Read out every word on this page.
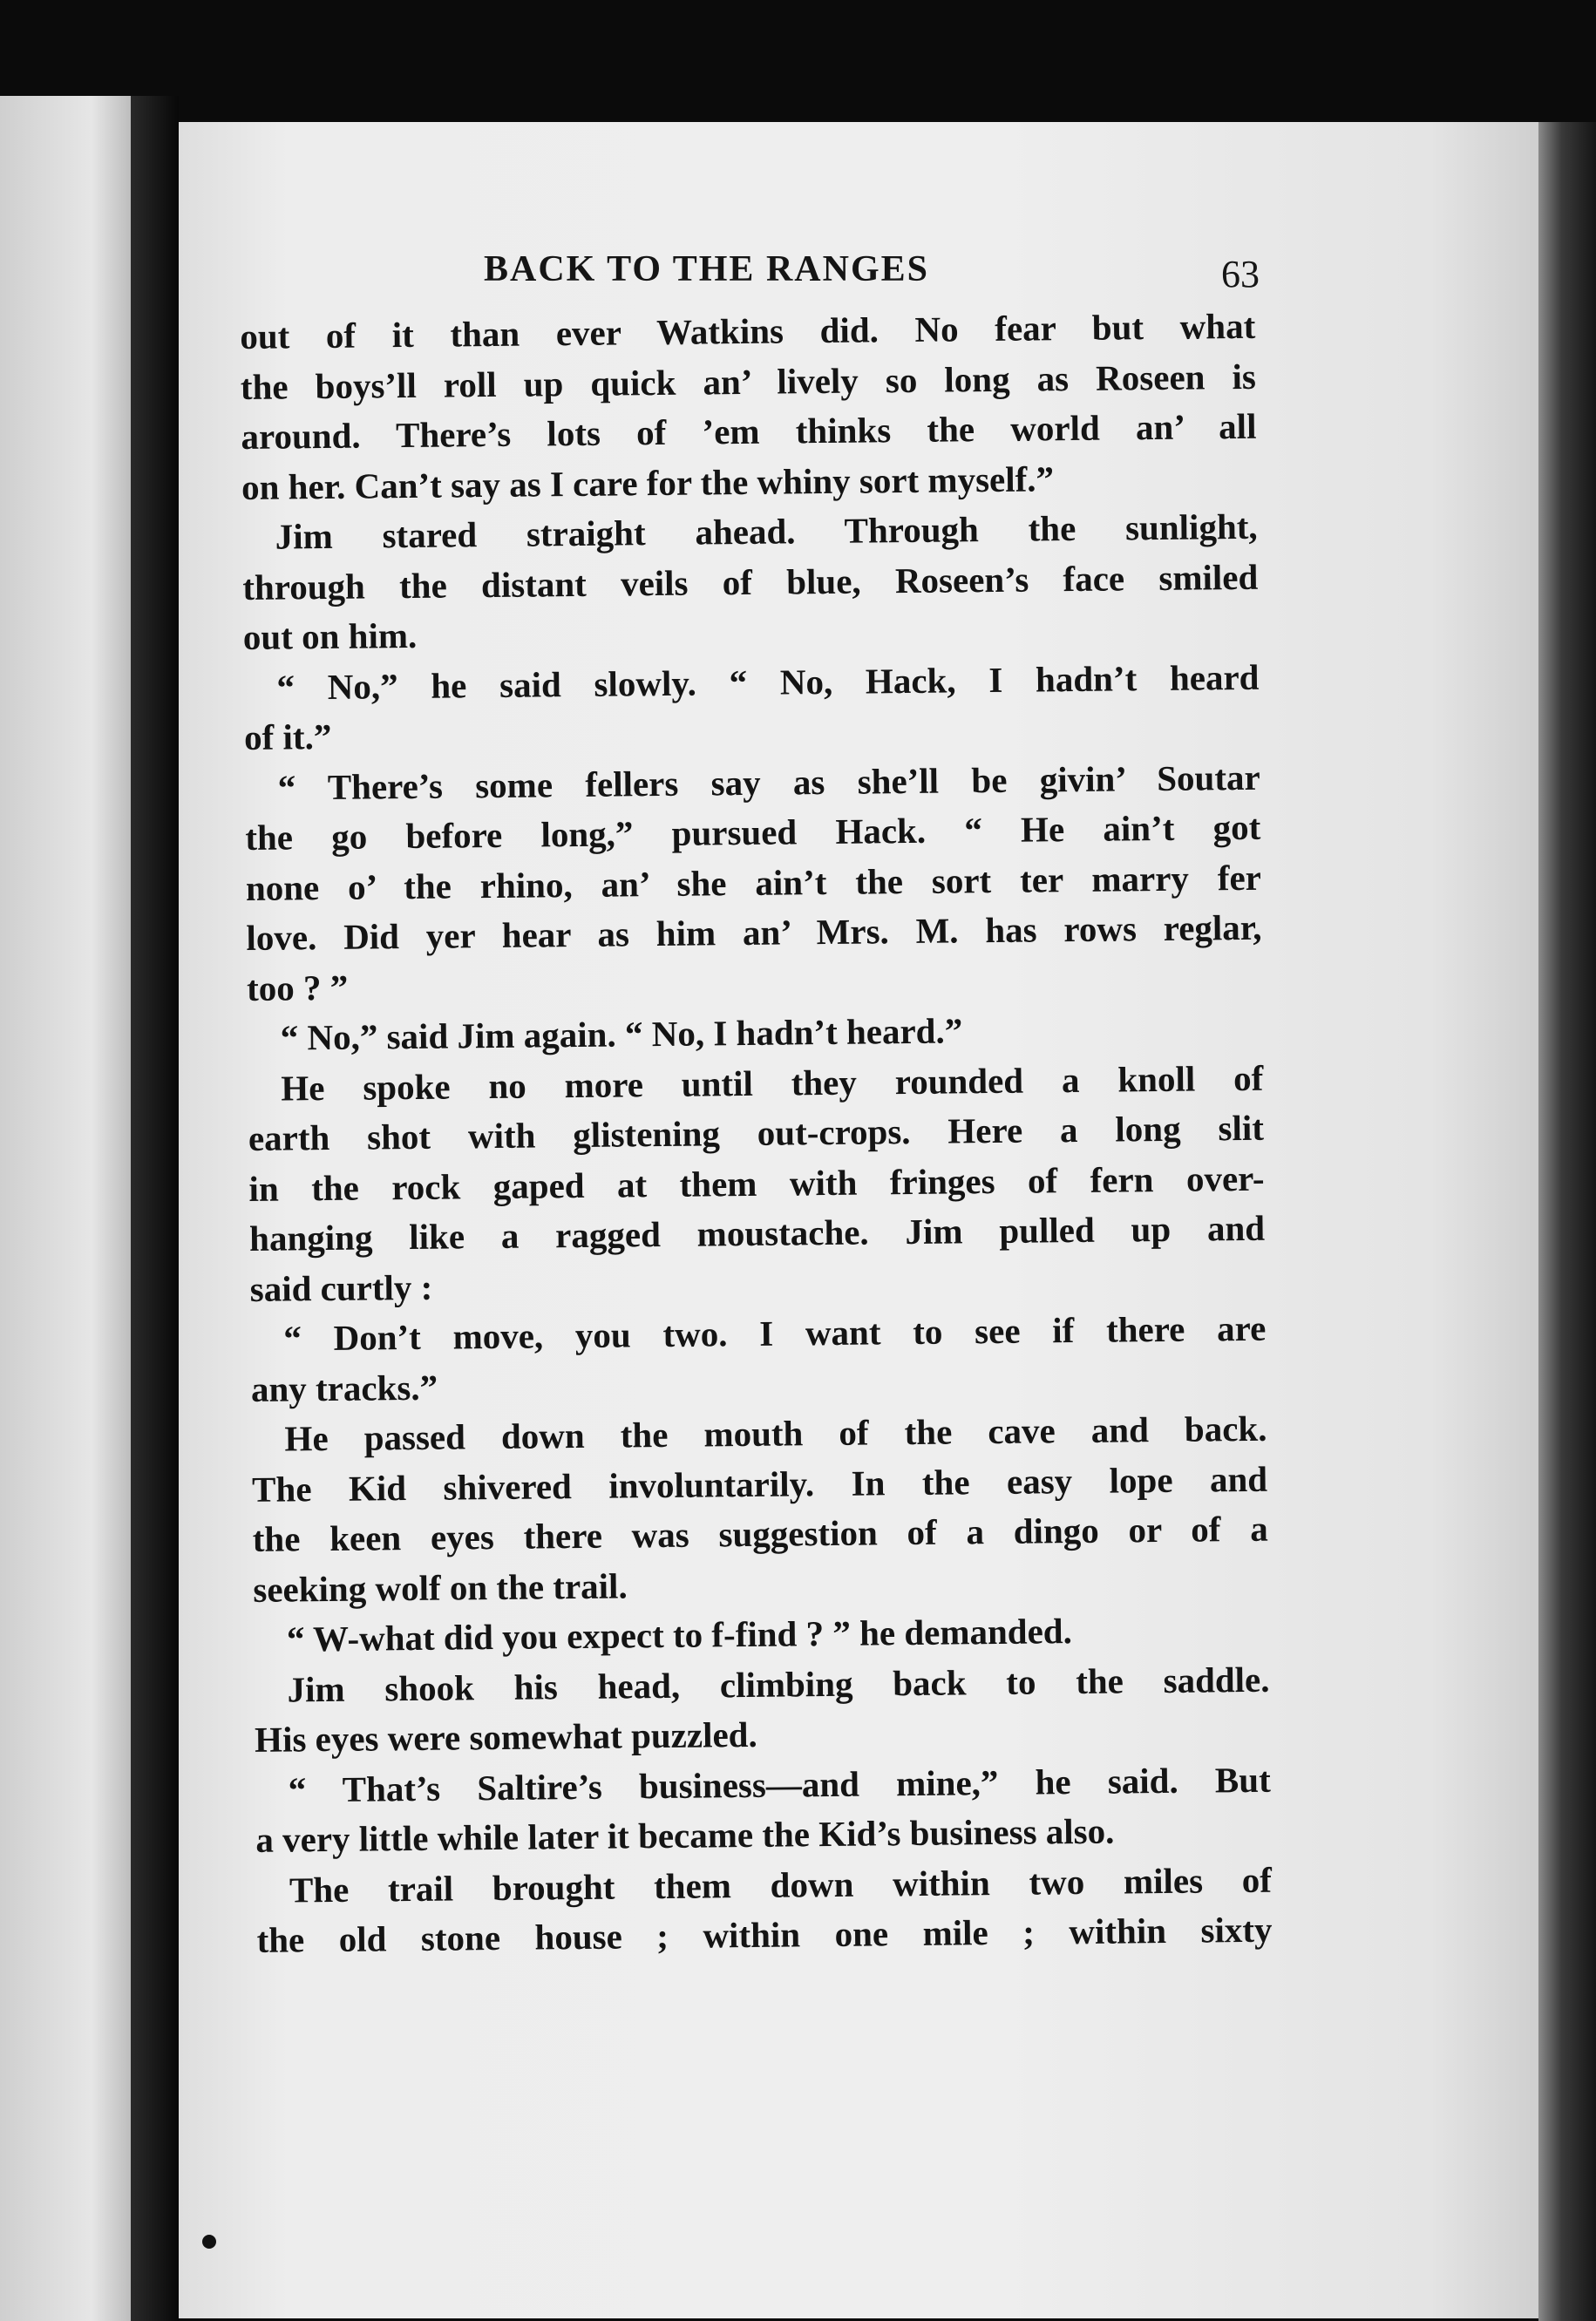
BACK TO THE RANGES	63
out of it than ever Watkins did. No fear but what
the boys’ll roll up quick an’ lively so long as Roseen is
around. There’s lots of ’em thinks the world an’ all
on her. Can’t say as I care for the whiny sort myself.”
Jim stared straight ahead. Through the sunlight,
through the distant veils of blue, Roseen’s face smiled
out on him.
“ No,” he said slowly. “ No, Hack, I hadn’t heard
of it.”
“ There’s some fellers say as she’ll be givin’ Soutar
the go before long,” pursued Hack. “ He ain’t got
none o’ the rhino, an’ she ain’t the sort ter marry fer
love. Did yer hear as him an’ Mrs. M. has rows reglar,
too ? ”
“ No,” said Jim again. “ No, I hadn’t heard.”
He spoke no more until they rounded a knoll of
earth shot with glistening out-crops. Here a long slit
in the rock gaped at them with fringes of fern over-
hanging like a ragged moustache. Jim pulled up and
said curtly :
“ Don’t move, you two. I want to see if there are
any tracks.”
He passed down the mouth of the cave and back.
The Kid shivered involuntarily. In the easy lope and
the keen eyes there was suggestion of a dingo or of a
seeking wolf on the trail.
“ W-what did you expect to f-find ? ” he demanded.
Jim shook his head, climbing back to the saddle.
His eyes were somewhat puzzled.
“ That’s Saltire’s business—and mine,” he said. But
a very little while later it became the Kid’s business also.
The trail brought them down within two miles of
the old stone house ; within one mile ; within sixty
